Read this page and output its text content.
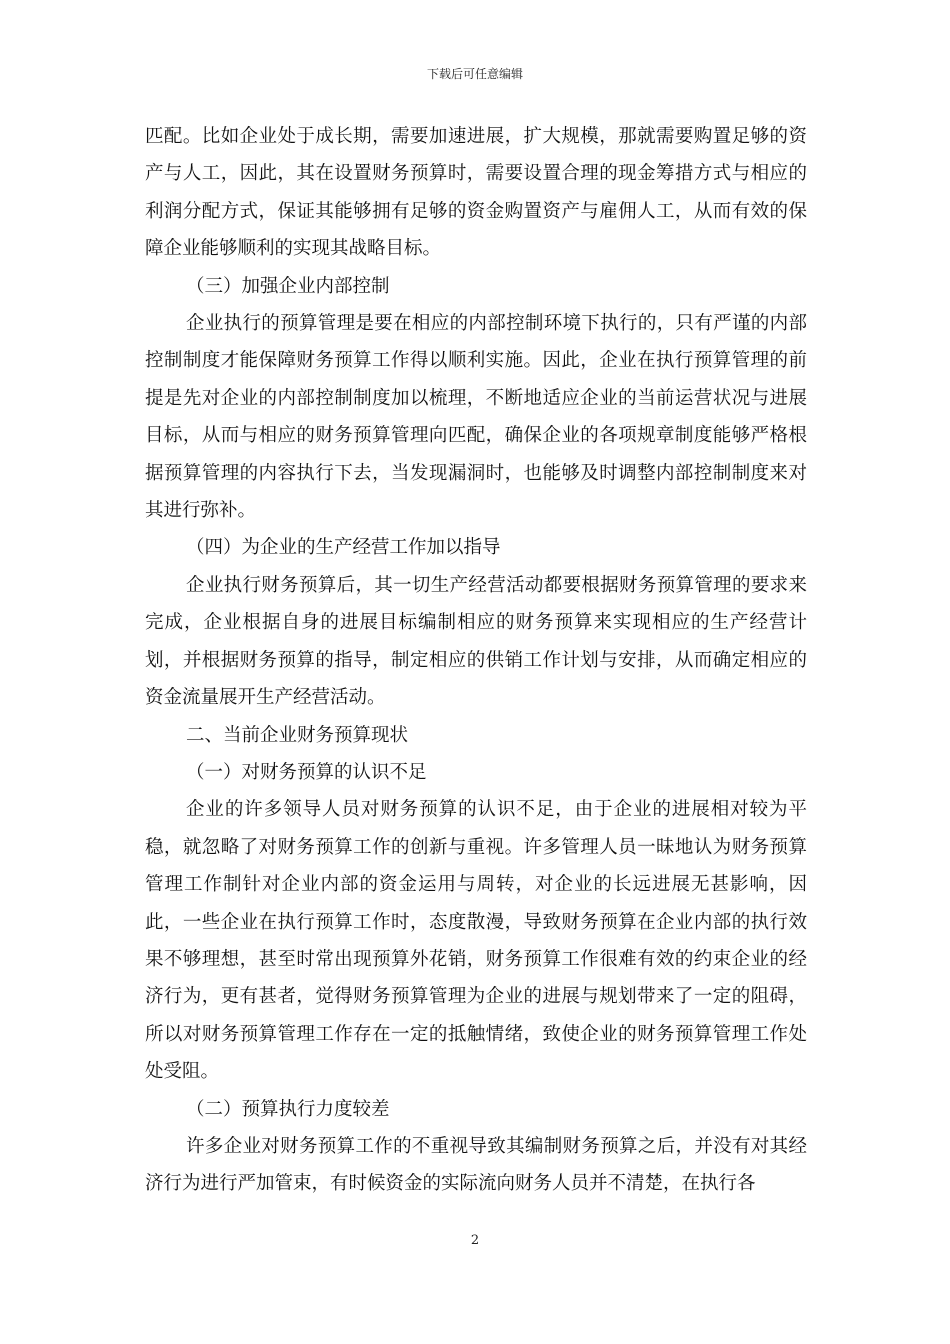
下载后可任意编辑

匹配。比如企业处于成长期，需要加速进展，扩大规模，那就需要购置足够的资产与人工，因此，其在设置财务预算时，需要设置合理的现金筹措方式与相应的利润分配方式，保证其能够拥有足够的资金购置资产与雇佣人工，从而有效的保障企业能够顺利的实现其战略目标。

（三）加强企业内部控制

企业执行的预算管理是要在相应的内部控制环境下执行的，只有严谨的内部控制制度才能保障财务预算工作得以顺利实施。因此，企业在执行预算管理的前提是先对企业的内部控制制度加以梳理，不断地适应企业的当前运营状况与进展目标，从而与相应的财务预算管理向匹配，确保企业的各项规章制度能够严格根据预算管理的内容执行下去，当发现漏洞时，也能够及时调整内部控制制度来对其进行弥补。

（四）为企业的生产经营工作加以指导

企业执行财务预算后，其一切生产经营活动都要根据财务预算管理的要求来完成，企业根据自身的进展目标编制相应的财务预算来实现相应的生产经营计划，并根据财务预算的指导，制定相应的供销工作计划与安排，从而确定相应的资金流量展开生产经营活动。

二、当前企业财务预算现状

（一）对财务预算的认识不足

企业的许多领导人员对财务预算的认识不足，由于企业的进展相对较为平稳，就忽略了对财务预算工作的创新与重视。许多管理人员一昧地认为财务预算管理工作制针对企业内部的资金运用与周转，对企业的长远进展无甚影响，因此，一些企业在执行预算工作时，态度散漫，导致财务预算在企业内部的执行效果不够理想，甚至时常出现预算外花销，财务预算工作很难有效的约束企业的经济行为，更有甚者，觉得财务预算管理为企业的进展与规划带来了一定的阻碍，所以对财务预算管理工作存在一定的抵触情绪，致使企业的财务预算管理工作处处受阻。

（二）预算执行力度较差

许多企业对财务预算工作的不重视导致其编制财务预算之后，并没有对其经济行为进行严加管束，有时候资金的实际流向财务人员并不清楚，在执行各

2
